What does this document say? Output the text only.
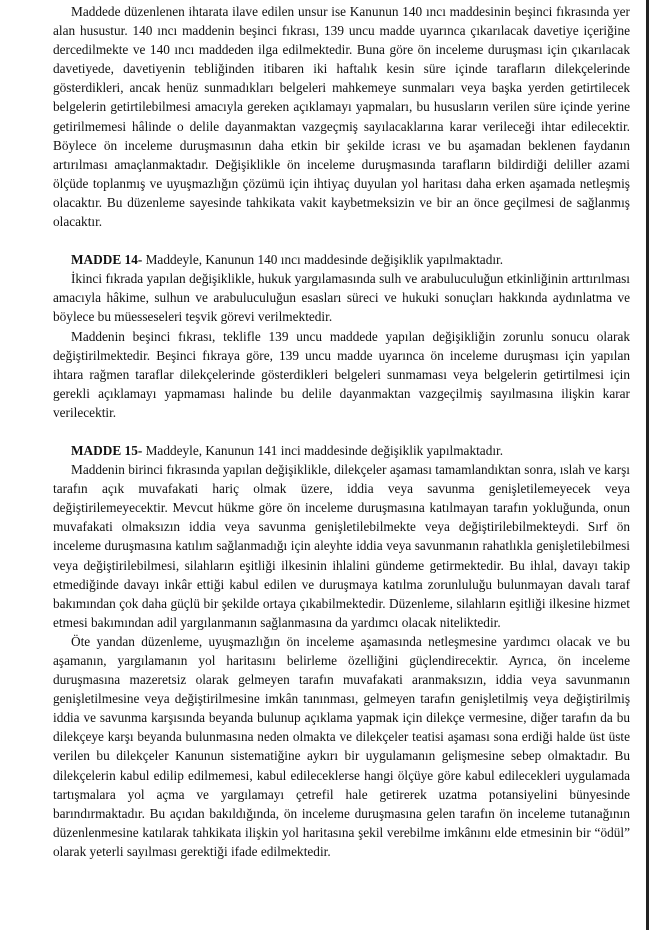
Maddede düzenlenen ihtarata ilave edilen unsur ise Kanunun 140 ıncı maddesinin beşinci fıkrasında yer alan husustur. 140 ıncı maddenin beşinci fıkrası, 139 uncu madde uyarınca çıkarılacak davetiye içeriğine dercedilmekte ve 140 ıncı maddeden ilga edilmektedir. Buna göre ön inceleme duruşması için çıkarılacak davetiyede, davetiyenin tebliğinden itibaren iki haftalık kesin süre içinde tarafların dilekçelerinde gösterdikleri, ancak henüz sunmadıkları belgeleri mahkemeye sunmaları veya başka yerden getirtilecek belgelerin getirtilebilmesi amacıyla gereken açıklamayı yapmaları, bu hususların verilen süre içinde yerine getirilmemesi hâlinde o delile dayanmaktan vazgeçmiş sayılacaklarına karar verileceği ihtar edilecektir. Böylece ön inceleme duruşmasının daha etkin bir şekilde icrası ve bu aşamadan beklenen faydanın artırılması amaçlanmaktadır. Değişiklikle ön inceleme duruşmasında tarafların bildirdiği deliller azami ölçüde toplanmış ve uyuşmazlığın çözümü için ihtiyaç duyulan yol haritası daha erken aşamada netleşmiş olacaktır. Bu düzenleme sayesinde tahkikata vakit kaybetmeksizin ve bir an önce geçilmesi de sağlanmış olacaktır.

MADDE 14- Maddeyle, Kanunun 140 ıncı maddesinde değişiklik yapılmaktadır.

İkinci fıkrada yapılan değişiklikle, hukuk yargılamasında sulh ve arabuluculuğun etkinliğinin arttırılması amacıyla hâkime, sulhun ve arabuluculuğun esasları süreci ve hukuki sonuçları hakkında aydınlatma ve böylece bu müesseseleri teşvik görevi verilmektedir.

Maddenin beşinci fıkrası, teklifle 139 uncu maddede yapılan değişikliğin zorunlu sonucu olarak değiştirilmektedir. Beşinci fıkraya göre, 139 uncu madde uyarınca ön inceleme duruşması için yapılan ihtara rağmen taraflar dilekçelerinde gösterdikleri belgeleri sunmaması veya belgelerin getirtilmesi için gerekli açıklamayı yapmaması halinde bu delile dayanmaktan vazgeçilmiş sayılmasına ilişkin karar verilecektir.

MADDE 15- Maddeyle, Kanunun 141 inci maddesinde değişiklik yapılmaktadır.

Maddenin birinci fıkrasında yapılan değişiklikle, dilekçeler aşaması tamamlandıktan sonra, ıslah ve karşı tarafın açık muvafakati hariç olmak üzere, iddia veya savunma genişletilemeyecek veya değiştirilemeyecektir. Mevcut hükme göre ön inceleme duruşmasına katılmayan tarafın yokluğunda, onun muvafakati olmaksızın iddia veya savunma genişletilebilmekte veya değiştirilebilmekteydi. Sırf ön inceleme duruşmasına katılım sağlanmadığı için aleyhte iddia veya savunmanın rahatlıkla genişletilebilmesi veya değiştirilebilmesi, silahların eşitliği ilkesinin ihlalini gündeme getirmektedir. Bu ihlal, davayı takip etmediğinde davayı inkâr ettiği kabul edilen ve duruşmaya katılma zorunluluğu bulunmayan davalı taraf bakımından çok daha güçlü bir şekilde ortaya çıkabilmektedir. Düzenleme, silahların eşitliği ilkesine hizmet etmesi bakımından adil yargılanmanın sağlanmasına da yardımcı olacak niteliktedir.

Öte yandan düzenleme, uyuşmazlığın ön inceleme aşamasında netleşmesine yardımcı olacak ve bu aşamanın, yargılamanın yol haritasını belirleme özelliğini güçlendirecektir. Ayrıca, ön inceleme duruşmasına mazeretsiz olarak gelmeyen tarafın muvafakati aranmaksızın, iddia veya savunmanın genişletilmesine veya değiştirilmesine imkân tanınması, gelmeyen tarafın genişletilmiş veya değiştirilmiş iddia ve savunma karşısında beyanda bulunup açıklama yapmak için dilekçe vermesine, diğer tarafın da bu dilekçeye karşı beyanda bulunmasına neden olmakta ve dilekçeler teatisi aşaması sona erdiği halde üst üste verilen bu dilekçeler Kanunun sistematiğine aykırı bir uygulamanın gelişmesine sebep olmaktadır. Bu dilekçelerin kabul edilip edilmemesi, kabul edileceklerse hangi ölçüye göre kabul edilecekleri uygulamada tartışmalara yol açma ve yargılamayı çetrefil hale getirerek uzatma potansiyelini bünyesinde barındırmaktadır. Bu açıdan bakıldığında, ön inceleme duruşmasına gelen tarafın ön inceleme tutanağının düzenlenmesine katılarak tahkikata ilişkin yol haritasına şekil verebilme imkânını elde etmesinin bir “ödül” olarak yeterli sayılması gerektiği ifade edilmektedir.
